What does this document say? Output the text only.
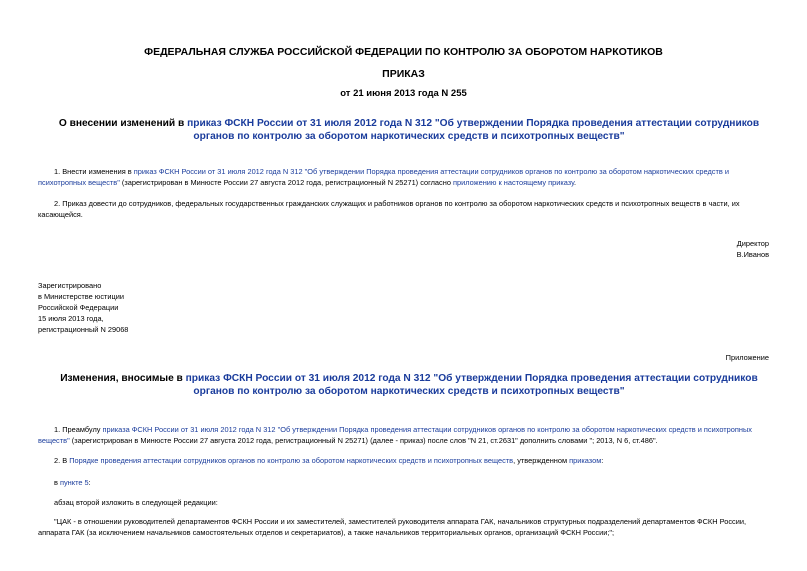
ФЕДЕРАЛЬНАЯ СЛУЖБА РОССИЙСКОЙ ФЕДЕРАЦИИ ПО КОНТРОЛЮ ЗА ОБОРОТОМ НАРКОТИКОВ
ПРИКАЗ
от 21 июня 2013 года N 255
О внесении изменений в приказ ФСКН России от 31 июля 2012 года N 312 "Об утверждении Порядка проведения аттестации сотрудников органов по контролю за оборотом наркотических средств и психотропных веществ"
1. Внести изменения в приказ ФСКН России от 31 июля 2012 года N 312 "Об утверждении Порядка проведения аттестации сотрудников органов по контролю за оборотом наркотических средств и психотропных веществ" (зарегистрирован в Минюсте России 27 августа 2012 года, регистрационный N 25271) согласно приложению к настоящему приказу.
2. Приказ довести до сотрудников, федеральных государственных гражданских служащих и работников органов по контролю за оборотом наркотических средств и психотропных веществ в части, их касающейся.
Директор
В.Иванов
Зарегистрировано
в Министерстве юстиции
Российской Федерации
15 июля 2013 года,
регистрационный N 29068
Приложение
Изменения, вносимые в приказ ФСКН России от 31 июля 2012 года N 312 "Об утверждении Порядка проведения аттестации сотрудников органов по контролю за оборотом наркотических средств и психотропных веществ"
1. Преамбулу приказа ФСКН России от 31 июля 2012 года N 312 "Об утверждении Порядка проведения аттестации сотрудников органов по контролю за оборотом наркотических средств и психотропных веществ" (зарегистрирован в Минюсте России 27 августа 2012 года, регистрационный N 25271) (далее - приказ) после слов "N 21, ст.2631" дополнить словами "; 2013, N 6, ст.486".
2. В Порядке проведения аттестации сотрудников органов по контролю за оборотом наркотических средств и психотропных веществ, утвержденном приказом:
в пункте 5:
абзац второй изложить в следующей редакции:
"ЦАК - в отношении руководителей департаментов ФСКН России и их заместителей, заместителей руководителя аппарата ГАК, начальников структурных подразделений департаментов ФСКН России, аппарата ГАК (за исключением начальников самостоятельных отделов и секретариатов), а также начальников территориальных органов, организаций ФСКН России;";
